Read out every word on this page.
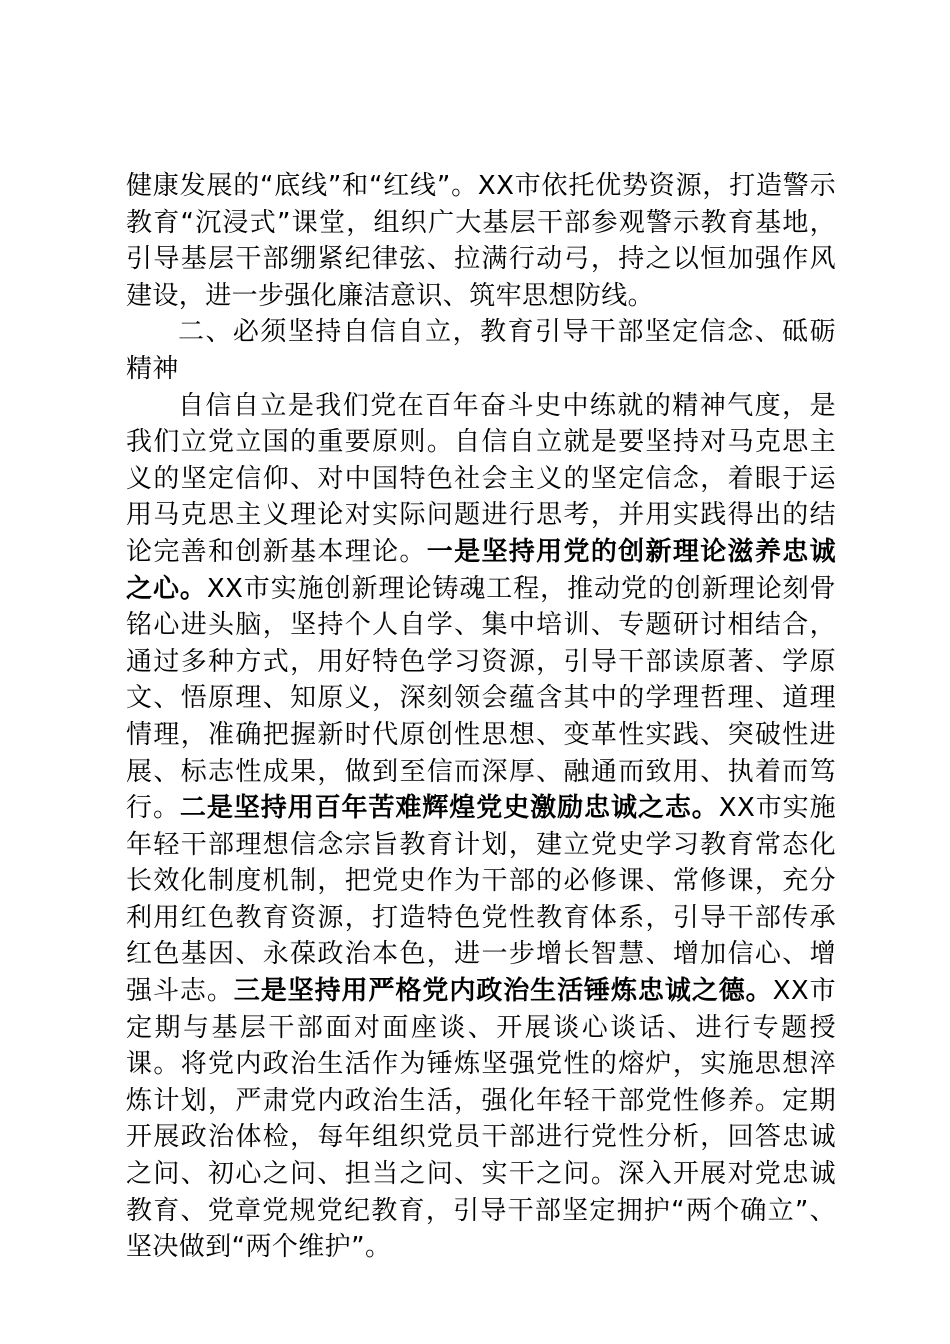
健康发展的“底线”和“红线”。XX市依托优势资源，打造警示教育“沉浸式”课堂，组织广大基层干部参观警示教育基地，引导基层干部绷紧纪律弦、拉满行动弓，持之以恒加强作风建设，进一步强化廉洁意识、筑牢思想防线。

二、必须坚持自信自立，教育引导干部坚定信念、砥砺精神

自信自立是我们党在百年奋斗史中练就的精神气度，是我们立党立国的重要原则。自信自立就是要坚持对马克思主义的坚定信仰、对中国特色社会主义的坚定信念，着眼于运用马克思主义理论对实际问题进行思考，并用实践得出的结论完善和创新基本理论。一是坚持用党的创新理论滋养忠诚之心。XX市实施创新理论铸魂工程，推动党的创新理论刻骨铭心进头脑，坚持个人自学、集中培训、专题研讨相结合，通过多种方式，用好特色学习资源，引导干部读原著、学原文、悟原理、知原义，深刻领会蕴含其中的学理哲理、道理情理，准确把握新时代原创性思想、变革性实践、突破性进展、标志性成果，做到至信而深厚、融通而致用、执着而笃行。二是坚持用百年苦难辉煌党史激励忠诚之志。XX市实施年轻干部理想信念宗旨教育计划，建立党史学习教育常态化长效化制度机制，把党史作为干部的必修课、常修课，充分利用红色教育资源，打造特色党性教育体系，引导干部传承红色基因、永葆政治本色，进一步增长智慧、增加信心、增强斗志。三是坚持用严格党内政治生活锤炼忠诚之德。XX市定期与基层干部面对面座谈、开展谈心谈话、进行专题授课。将党内政治生活作为锤炼坚强党性的熔炉，实施思想淬炼计划，严肃党内政治生活，强化年轻干部党性修养。定期开展政治体检，每年组织党员干部进行党性分析，回答忠诚之问、初心之问、担当之问、实干之问。深入开展对党忠诚教育、党章党规党纪教育，引导干部坚定拥护“两个确立”、坚决做到“两个维护”。
